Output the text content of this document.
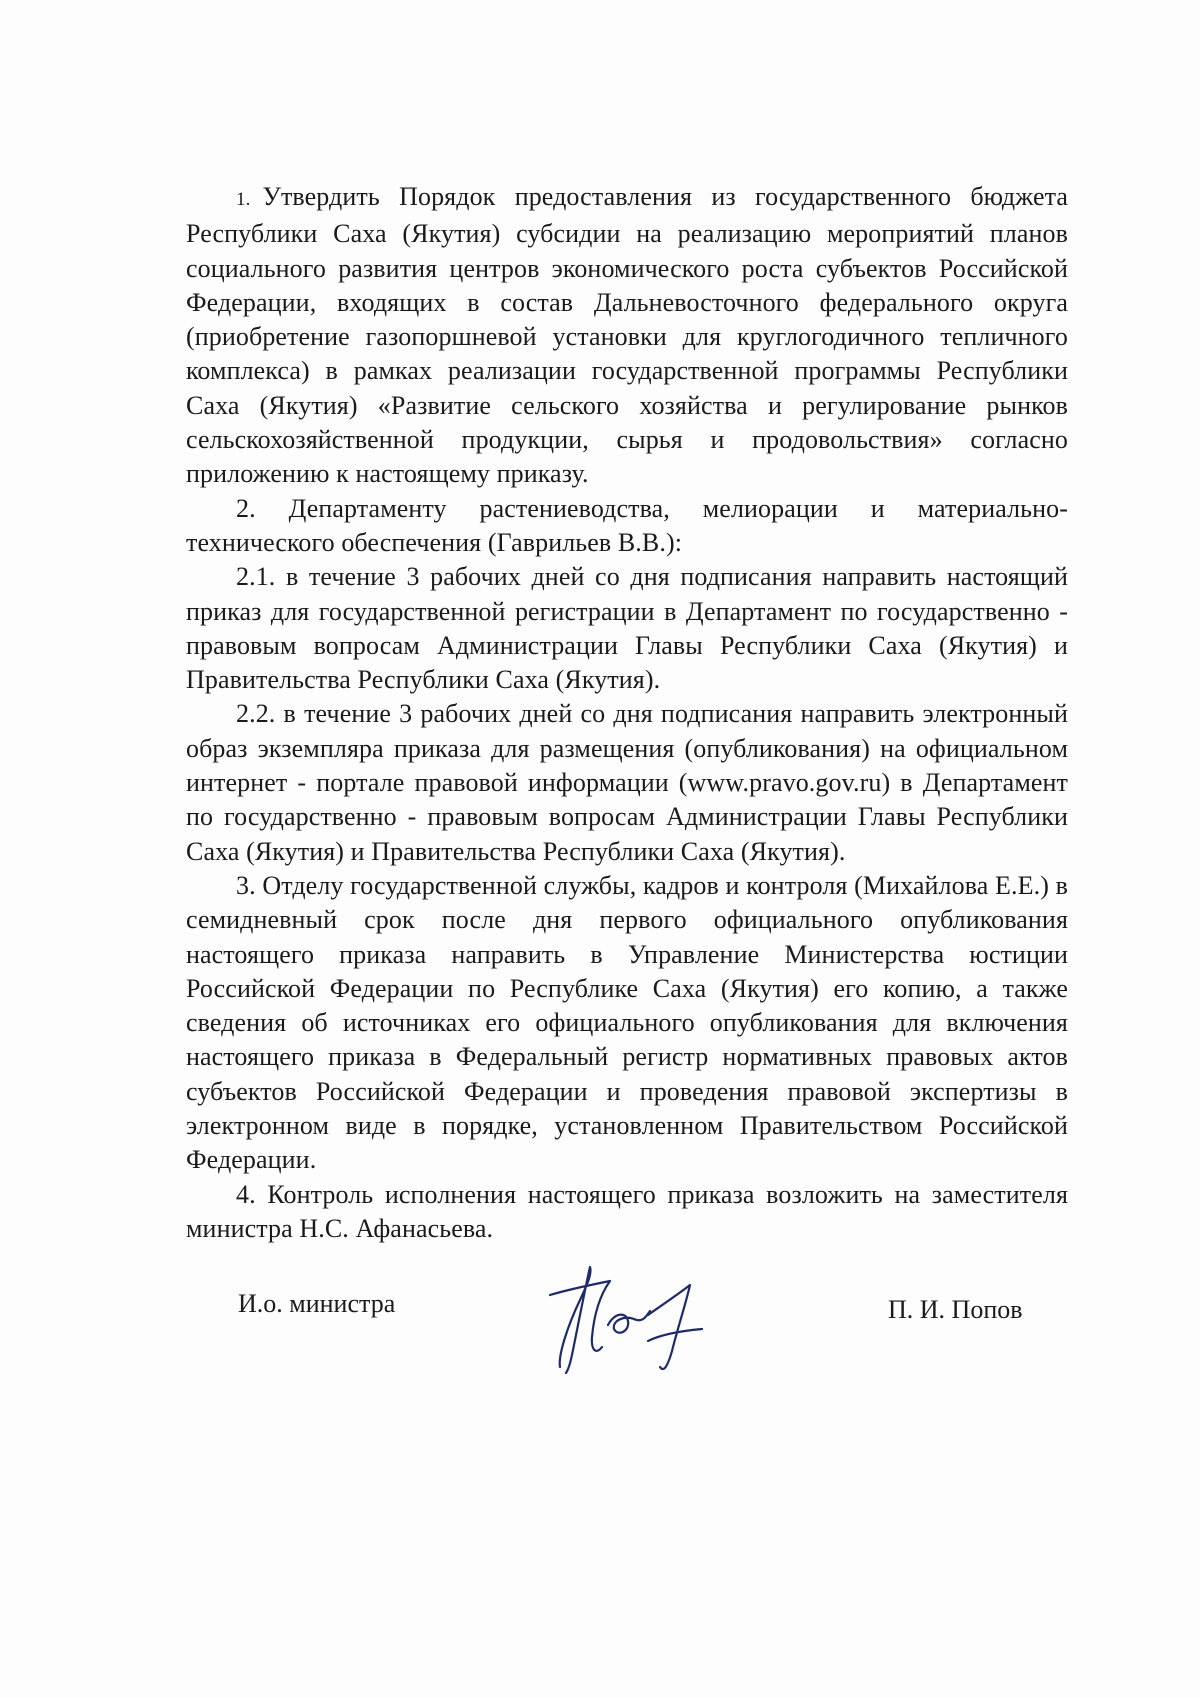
1. Утвердить Порядок предоставления из государственного бюджета Республики Саха (Якутия) субсидии на реализацию мероприятий планов социального развития центров экономического роста субъектов Российской Федерации, входящих в состав Дальневосточного федерального округа (приобретение газопоршневой установки для круглогодичного тепличного комплекса) в рамках реализации государственной программы Республики Саха (Якутия) «Развитие сельского хозяйства и регулирование рынков сельскохозяйственной продукции, сырья и продовольствия» согласно приложению к настоящему приказу.

2. Департаменту растениеводства, мелиорации и материально-технического обеспечения (Гаврильев В.В.):

2.1. в течение 3 рабочих дней со дня подписания направить настоящий приказ для государственной регистрации в Департамент по государственно - правовым вопросам Администрации Главы Республики Саха (Якутия) и Правительства Республики Саха (Якутия).

2.2. в течение 3 рабочих дней со дня подписания направить электронный образ экземпляра приказа для размещения (опубликования) на официальном интернет - портале правовой информации (www.pravo.gov.ru) в Департамент по государственно - правовым вопросам Администрации Главы Республики Саха (Якутия) и Правительства Республики Саха (Якутия).

3. Отделу государственной службы, кадров и контроля (Михайлова Е.Е.) в семидневный срок после дня первого официального опубликования настоящего приказа направить в Управление Министерства юстиции Российской Федерации по Республике Саха (Якутия) его копию, а также сведения об источниках его официального опубликования для включения настоящего приказа в Федеральный регистр нормативных правовых актов субъектов Российской Федерации и проведения правовой экспертизы в электронном виде в порядке, установленном Правительством Российской Федерации.

4. Контроль исполнения настоящего приказа возложить на заместителя министра Н.С. Афанасьева.

И.о. министра	П. И. Попов
